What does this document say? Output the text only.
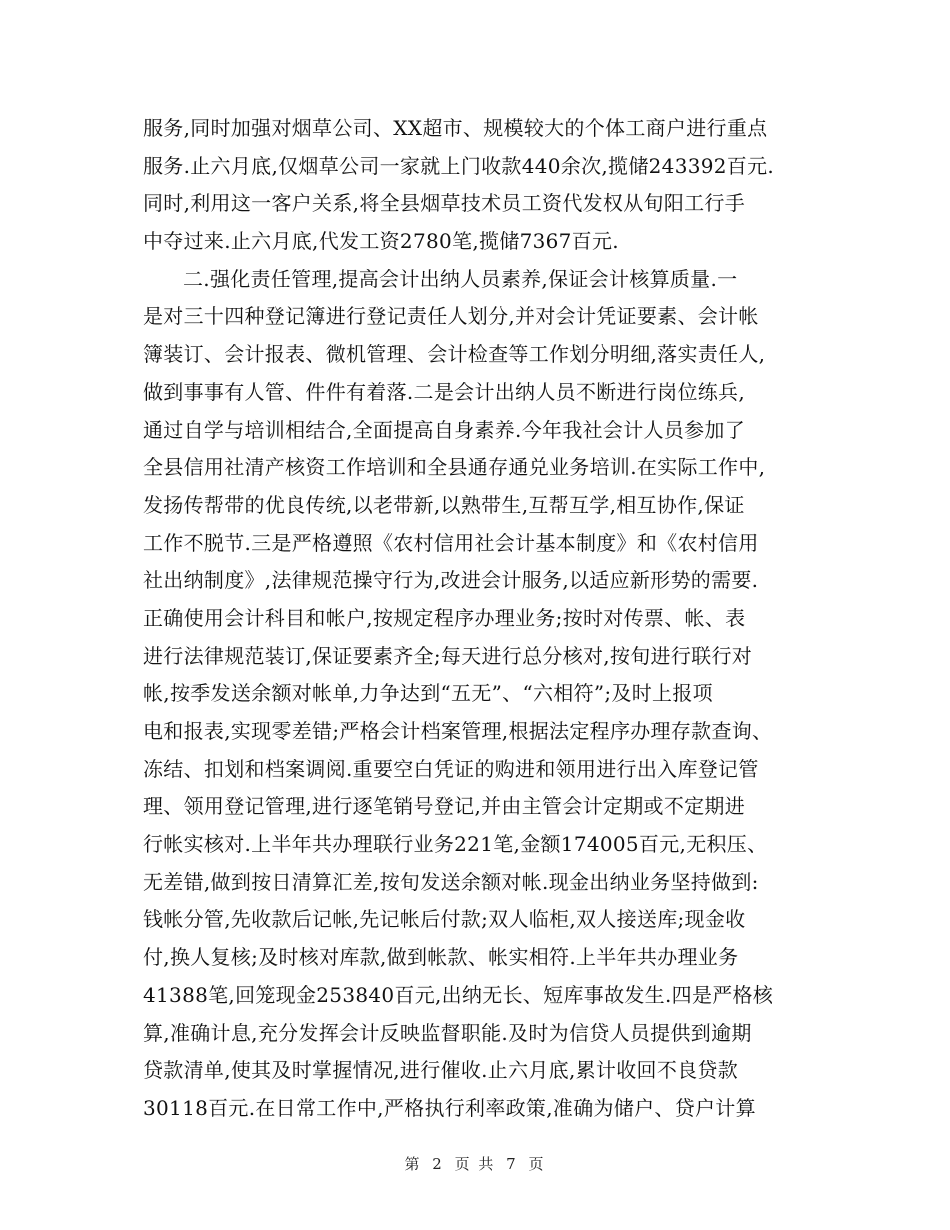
服务,同时加强对烟草公司、XX超市、规模较大的个体工商户进行重点
服务.止六月底,仅烟草公司一家就上门收款440余次,揽储243392百元.
同时,利用这一客户关系,将全县烟草技术员工资代发权从旬阳工行手
中夺过来.止六月底,代发工资2780笔,揽储7367百元.
二.强化责任管理,提高会计出纳人员素养,保证会计核算质量.一
是对三十四种登记簿进行登记责任人划分,并对会计凭证要素、会计帐
簿装订、会计报表、微机管理、会计检查等工作划分明细,落实责任人,
做到事事有人管、件件有着落.二是会计出纳人员不断进行岗位练兵,
通过自学与培训相结合,全面提高自身素养.今年我社会计人员参加了
全县信用社清产核资工作培训和全县通存通兑业务培训.在实际工作中,
发扬传帮带的优良传统,以老带新,以熟带生,互帮互学,相互协作,保证
工作不脱节.三是严格遵照《农村信用社会计基本制度》和《农村信用
社出纳制度》,法律规范操守行为,改进会计服务,以适应新形势的需要.
正确使用会计科目和帐户,按规定程序办理业务;按时对传票、帐、表
进行法律规范装订,保证要素齐全;每天进行总分核对,按旬进行联行对
帐,按季发送余额对帐单,力争达到“五无”、“六相符”;及时上报项
电和报表,实现零差错;严格会计档案管理,根据法定程序办理存款查询、
冻结、扣划和档案调阅.重要空白凭证的购进和领用进行出入库登记管
理、领用登记管理,进行逐笔销号登记,并由主管会计定期或不定期进
行帐实核对.上半年共办理联行业务221笔,金额174005百元,无积压、
无差错,做到按日清算汇差,按旬发送余额对帐.现金出纳业务坚持做到:
钱帐分管,先收款后记帐,先记帐后付款;双人临柜,双人接送库;现金收
付,换人复核;及时核对库款,做到帐款、帐实相符.上半年共办理业务
41388笔,回笼现金253840百元,出纳无长、短库事故发生.四是严格核
算,准确计息,充分发挥会计反映监督职能.及时为信贷人员提供到逾期
贷款清单,使其及时掌握情况,进行催收.止六月底,累计收回不良贷款
30118百元.在日常工作中,严格执行利率政策,准确为储户、贷户计算
第 2 页 共 7 页
